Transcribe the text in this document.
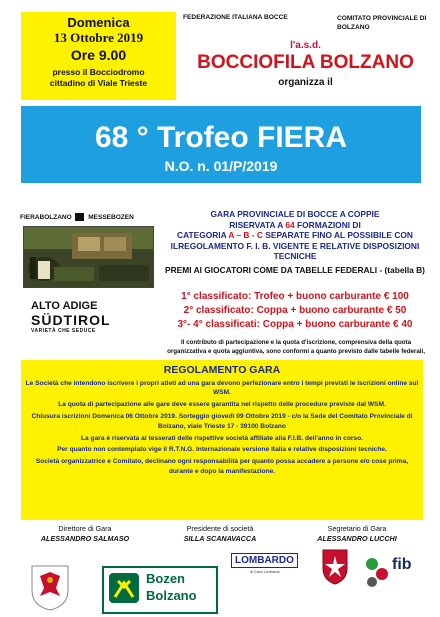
Domenica
13 Ottobre 2019
Ore 9.00
presso il Bocciodromo
cittadino di Viale Trieste
FEDERAZIONE ITALIANA BOCCE	COMITATO PROVINCIALE DI BOLZANO
l'a.s.d.
BOCCIOFILA BOLZANO
organizza il
68 ° Trofeo FIERA
N.O. n. 01/P/2019
FIERABOLZANO	MESSEBOZEN
ALTO ADIGE
SÜDTIROL
VARIETÀ CHE SEDUCE
GARA PROVINCIALE DI BOCCE A COPPIE
RISERVATA A 64 FORMAZIONI DI
CATEGORIA A – B - C SEPARATE FINO AL POSSIBILE CON
ILREGOLAMENTO F. I. B. VIGENTE E RELATIVE DISPOSIZIONI
TECNICHE
PREMI AI GIOCATORI COME DA TABELLE FEDERALI - (tabella B)
1° classificato: Trofeo + buono carburante € 100
2° classificato: Coppa + buono carburante € 50
3°- 4° classificati: Coppa + buono carburante € 40
Il contributo di partecipazione e la quota d'iscrizione, comprensiva della quota
organizzativa e quota aggiuntiva, sono conformi a quanto previsto dalle tabelle federali,
REGOLAMENTO GARA

Le Società che intendono iscrivere i propri atleti ad una gara devono perfezionare entro i tempi previsti le iscrizioni online sul WSM.

La quota di partecipazione alle gare deve essere garantita nel rispetto delle procedure previste dal WSM.

Chiusura iscrizioni Domenica 06 Ottobre 2019. Sorteggio giovedì 09 Ottobre 2019 - c/o la Sede del Comitato Provinciale di Bolzano, viale Trieste 17 - 39100 Bolzano

La gara è riservata ai tesserati delle rispettive società affiliate alla F.I.B. dell'anno in corso.

Per quanto non contemplato vige il R.T.N.G. Internazionale versione Italia e relative disposizioni tecniche.

Società organizzatrice e Comitato, declinano ogni responsabilità per quanto possa accadere a persone e/o cose prima, durante e dopo la manifestazione.

Direttore di Gara
ALESSANDRO SALMASO
Presidente di società
SILLA SCANAVACCA
Segretario di Gara
ALESSANDRO LUCCHI
Bozen
Bolzano
LOMBARDO
di Carlo Lombardo	fib
